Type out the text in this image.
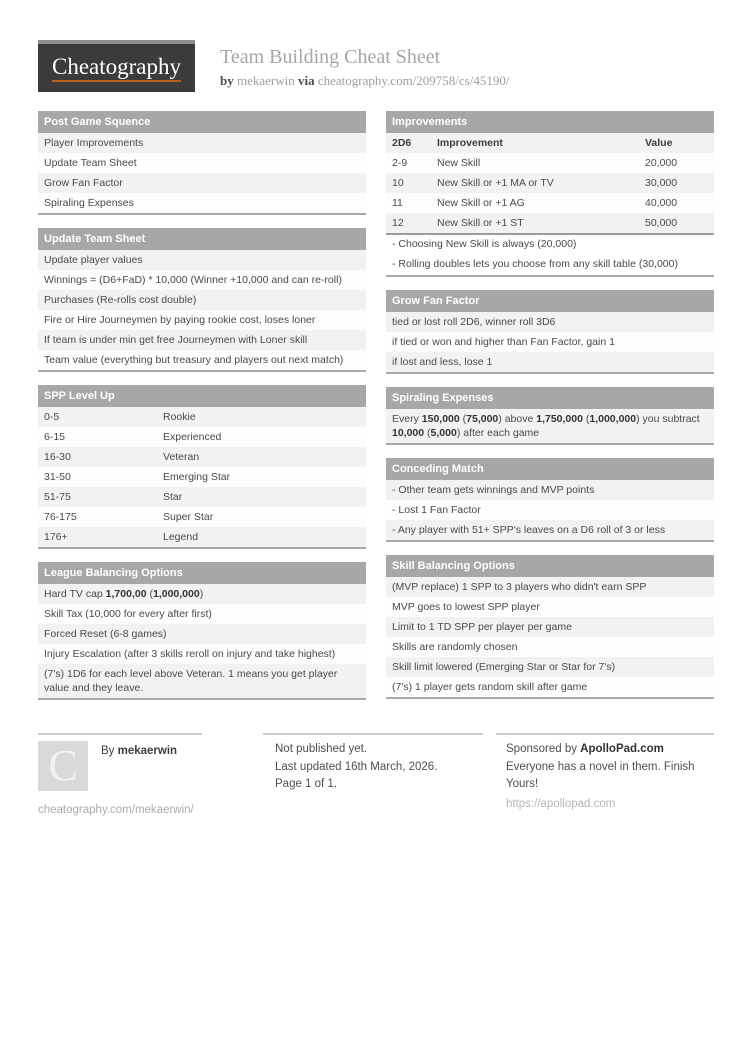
Cheatography Team Building Cheat Sheet
by mekaerwin via cheatography.com/209758/cs/45190/
Post Game Squence
Player Improvements
Update Team Sheet
Grow Fan Factor
Spiraling Expenses
Update Team Sheet
Update player values
Winnings = (D6+FaD) * 10,000 (Winner +10,000 and can re-roll)
Purchases (Re-rolls cost double)
Fire or Hire Journeymen by paying rookie cost, loses loner
If team is under min get free Journeymen with Loner skill
Team value (everything but treasury and players out next match)
SPP Level Up
0-5	Rookie
6-15	Experienced
16-30	Veteran
31-50	Emerging Star
51-75	Star
76-175	Super Star
176+	Legend
League Balancing Options
Hard TV cap 1,700,00 (1,000,000)
Skill Tax (10,000 for every after first)
Forced Reset (6-8 games)
Injury Escalation (after 3 skills reroll on injury and take highest)
(7's) 1D6 for each level above Veteran. 1 means you get player value and they leave.
Improvements
2D6	Improvement	Value
2-9	New Skill	20,000
10	New Skill or +1 MA or TV	30,000
11	New Skill or +1 AG	40,000
12	New Skill or +1 ST	50,000
- Choosing New Skill is always (20,000)
- Rolling doubles lets you choose from any skill table (30,000)
Grow Fan Factor
tied or lost roll 2D6, winner roll 3D6
if tied or won and higher than Fan Factor, gain 1
if lost and less, lose 1
Spiraling Expenses
Every 150,000 (75,000) above 1,750,000 (1,000,000) you subtract 10,000 (5,000) after each game
Conceding Match
- Other team gets winnings and MVP points
- Lost 1 Fan Factor
- Any player with 51+ SPP's leaves on a D6 roll of 3 or less
Skill Balancing Options
(MVP replace) 1 SPP to 3 players who didn't earn SPP
MVP goes to lowest SPP player
Limit to 1 TD SPP per player per game
Skills are randomly chosen
Skill limit lowered (Emerging Star or Star for 7's)
(7's) 1 player gets random skill after game
C By mekaerwin
cheatography.com/mekaerwin/
Not published yet.
Last updated 16th March, 2026.
Page 1 of 1.
Sponsored by ApolloPad.com
Everyone has a novel in them. Finish Yours!
https://apollopad.com
